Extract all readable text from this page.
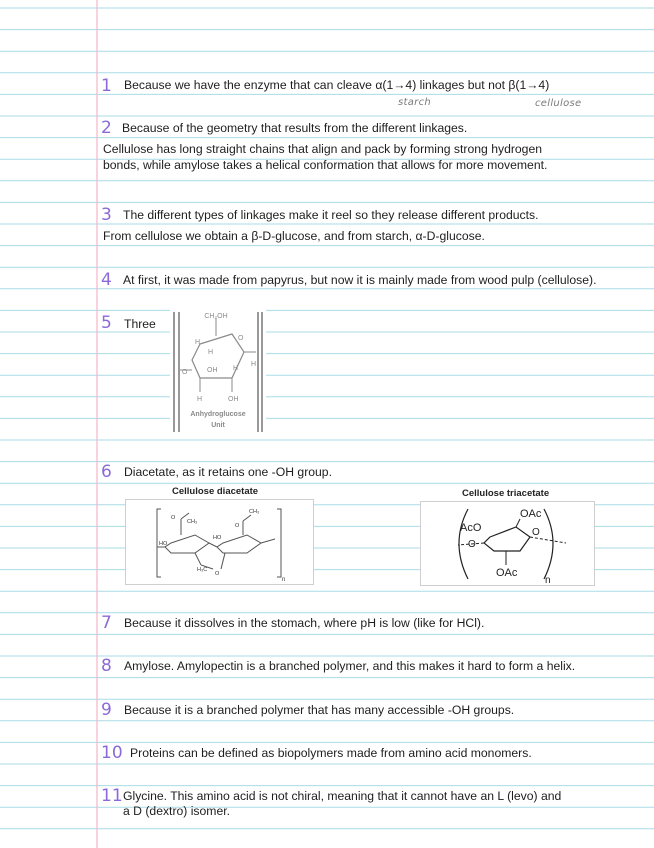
1 Because we have the enzyme that can cleave α(1→4) linkages but not β(1→4)
starch	cellulose
2 Because of the geometry that results from the different linkages.
Cellulose has long straight chains that align and pack by forming strong hydrogen
bonds, while amylose takes a helical conformation that allows for more movement.
3 The different types of linkages make it reel so they release different products.
From cellulose we obtain a β-D-glucose, and from starch, α-D-glucose.
4 At first, it was made from papyrus, but now it is mainly made from wood pulp (cellulose).
5 Three
CH₂OH
O
H
H
OH H
H
O
H	OH
Anhydroglucose
Unit
6 Diacetate, as it retains one -OH group.
Cellulose diacetate
CH₃
CH₃
O
O
HO
HO
H₃C
O
n
Cellulose triacetate
AcO
OAc
O
O
OAc
n
7 Because it dissolves in the stomach, where pH is low (like for HCl).
8 Amylose. Amylopectin is a branched polymer, and this makes it hard to form a helix.
9 Because it is a branched polymer that has many accessible -OH groups.
10 Proteins can be defined as biopolymers made from amino acid monomers.
11 Glycine. This amino acid is not chiral, meaning that it cannot have an L (levo) and
a D (dextro) isomer.
